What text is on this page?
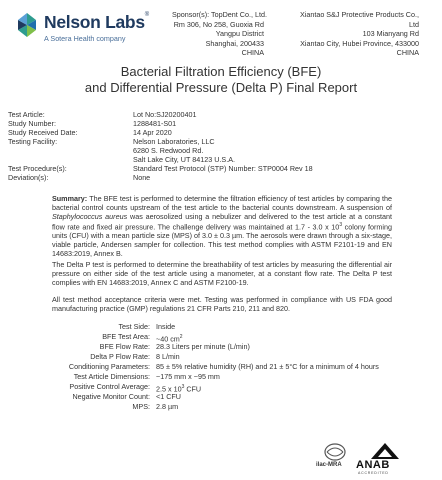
Nelson Labs®
A Sotera Health company
Sponsor(s): TopDent Co., Ltd.
Rm 306, No 258, Guoxia Rd
Yangpu District
Shanghai, 200433
CHINA
Xiantao S&J Protective Products Co.,
Ltd
103 Mianyang Rd
Xiantao City, Hubei Province, 433000
CHINA
Bacterial Filtration Efficiency (BFE)
and Differential Pressure (Delta P) Final Report
Test Article:	Lot No:SJ20200401
Study Number:	1288481-S01
Study Received Date:	14 Apr 2020
Testing Facility:	Nelson Laboratories, LLC
6280 S. Redwood Rd.
Salt Lake City, UT 84123 U.S.A.
Test Procedure(s):	Standard Test Protocol (STP) Number: STP0004 Rev 18
Deviation(s):	None
Summary: The BFE test is performed to determine the filtration efficiency of test articles by comparing the bacterial control counts upstream of the test article to the bacterial counts downstream. A suspension of Staphylococcus aureus was aerosolized using a nebulizer and delivered to the test article at a constant flow rate and fixed air pressure. The challenge delivery was maintained at 1.7 - 3.0 x $10^3$ colony forming units (CFU) with a mean particle size (MPS) of 3.0 ± 0.3 µm. The aerosols were drawn through a six-stage, viable particle, Andersen sampler for collection. This test method complies with ASTM F2101-19 and EN 14683:2019, Annex B.
The Delta P test is performed to determine the breathability of test articles by measuring the differential air pressure on either side of the test article using a manometer, at a constant flow rate. The Delta P test complies with EN 14683:2019, Annex C and ASTM F2100-19.
All test method acceptance criteria were met. Testing was performed in compliance with US FDA good manufacturing practice (GMP) regulations 21 CFR Parts 210, 211 and 820.
Test Side: Inside
BFE Test Area: ~40 $cm^2$
BFE Flow Rate: 28.3 Liters per minute (L/min)
Delta P Flow Rate: 8 L/min
Conditioning Parameters: 85 ± 5% relative humidity (RH) and 21 ± 5°C for a minimum of 4 hours
Test Article Dimensions: ~175 mm x ~95 mm
Positive Control Average: 2.5 x $10^3$ CFU
Negative Monitor Count: <1 CFU
MPS: 2.8 µm
ilac-MRA ANAB
ACCREDITED
